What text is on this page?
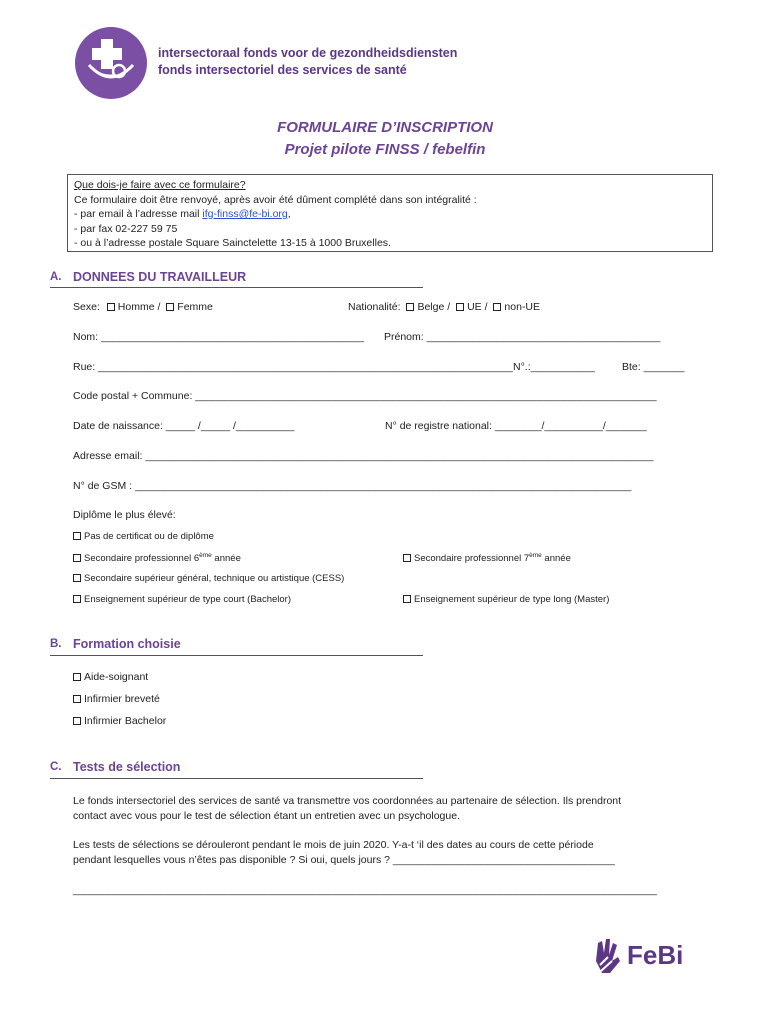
intersectoraal fonds voor de gezondheidsdiensten
fonds intersectoriel des services de santé
FORMULAIRE D’INSCRIPTION
Projet pilote FINSS / febelfin
Que dois-je faire avec ce formulaire?
Ce formulaire doit être renvoyé, après avoir été dûment complété dans son intégralité :
- par email à l’adresse mail ifg-finss@fe-bi.org,
- par fax 02-227 59 75
- ou à l’adresse postale Square Sainctelette 13-15 à 1000 Bruxelles.
A. DONNEES DU TRAVAILLEUR
Sexe: Homme / Femme	Nationalité: Belge / UE / non-UE
Nom: _____________________________________________ Prénom: ________________________________________
Rue: _______________________________________________________________________ N°.:___________	Bte: _______
Code postal + Commune: _______________________________________________________________________________
Date de naissance: _____ /_____ /__________	N° de registre national: ________/__________/_______
Adresse email: _______________________________________________________________________________________
N° de GSM : _____________________________________________________________________________________
Diplôme le plus élevé:
Pas de certificat ou de diplôme
Secondaire professionnel 6ème année	Secondaire professionnel 7ème année
Secondaire supérieur général, technique ou artistique (CESS)
Enseignement supérieur de type court (Bachelor)	Enseignement supérieur de type long (Master)
B. Formation choisie
Aide-soignant
Infirmier breveté
Infirmier Bachelor
C. Tests de sélection
Le fonds intersectoriel des services de santé va transmettre vos coordonnées au partenaire de sélection. Ils prendront
contact avec vous pour le test de sélection étant un entretien avec un psychologue.
Les tests de sélections se dérouleront pendant le mois de juin 2020. Y-a-t ‘il des dates au cours de cette période
pendant lesquelles vous n’êtes pas disponible ? Si oui, quels jours ? ______________________________________
____________________________________________________________________________________________________
FeBi
